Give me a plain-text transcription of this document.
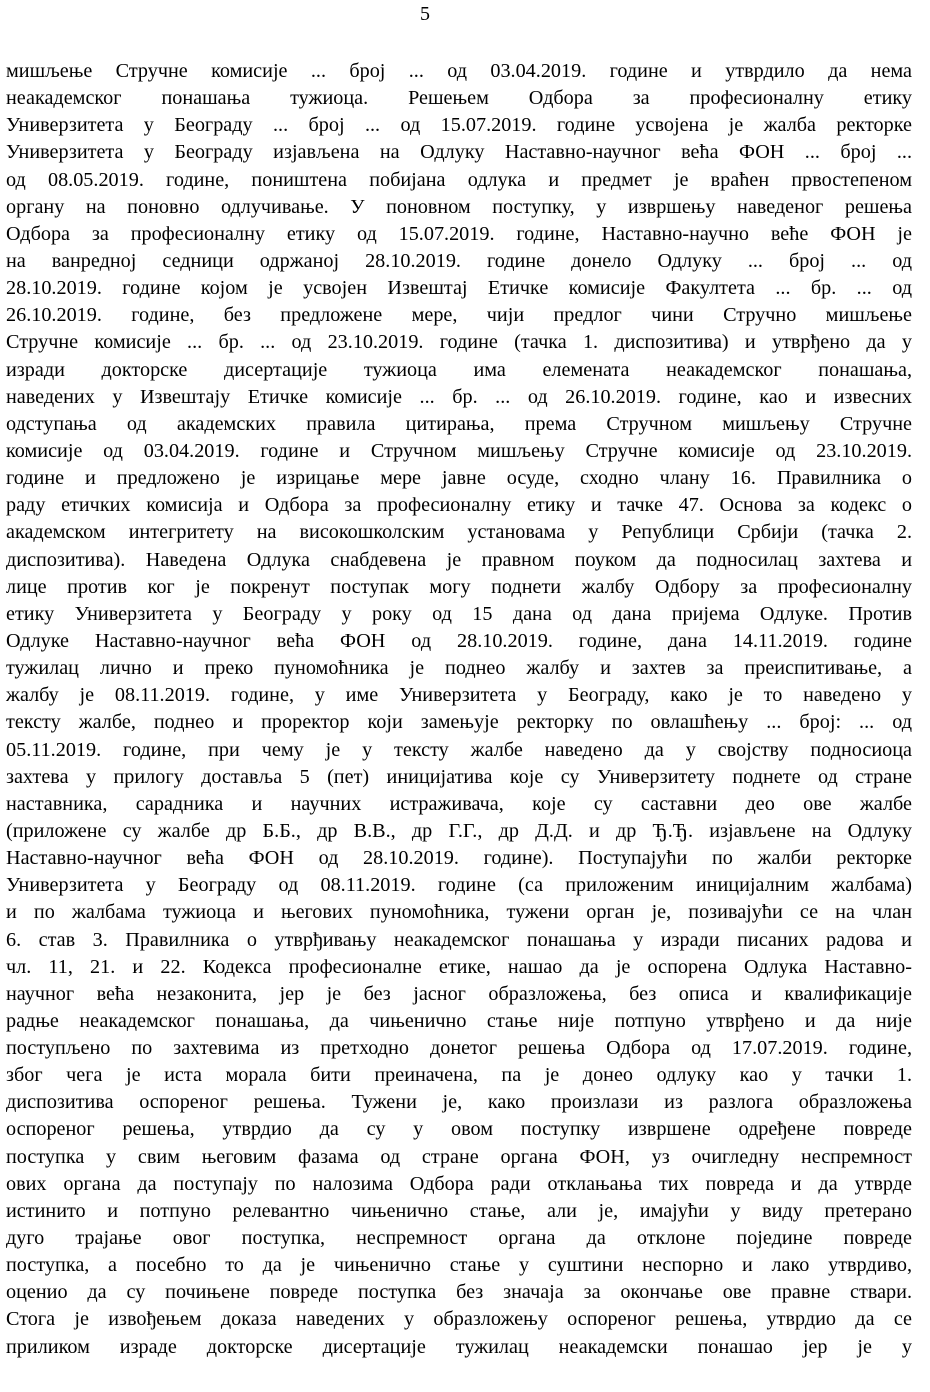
5
мишљење Стручне комисије ... број ... од 03.04.2019. године и утврдило да нема
неакадемског понашања тужиоца. Решењем Одбора за професионалну етику
Универзитета у Београду ... број ... од 15.07.2019. године усвојена је жалба ректорке
Универзитета у Београду изјављена на Одлуку Наставно-научног већа ФОН ... број ...
од 08.05.2019. године, поништена побијана одлука и предмет је враћен првостепеном
органу на поновно одлучивање. У поновном поступку, у извршењу наведеног решења
Одбора за професионалну етику од 15.07.2019. године, Наставно-научно веће ФОН је
на ванредној седници одржаној 28.10.2019. године донело Одлуку ... број ... од
28.10.2019. године којом је усвојен Извештај Етичке комисије Факултета ... бр. ... од
26.10.2019. године, без предложене мере, чији предлог чини Стручно мишљење
Стручне комисије ... бр. ... од 23.10.2019. године (тачка 1. диспозитива) и утврђено да у
изради докторске дисертације тужиоца има елемената неакадемског понашања,
наведених у Извештају Етичке комисије ... бр. ... од 26.10.2019. године, као и извесних
одступања од академских правила цитирања, према Стручном мишљењу Стручне
комисије од 03.04.2019. године и Стручном мишљењу Стручне комисије од 23.10.2019.
године и предложено је изрицање мере јавне осуде, сходно члану 16. Правилника о
раду етичких комисија и Одбора за професионалну етику и тачке 47. Основа за кодекс о
академском интегритету на високошколским установама у Републици Србији (тачка 2.
диспозитива). Наведена Одлука снабдевена је правном поуком да подносилац захтева и
лице против ког је покренут поступак могу поднети жалбу Одбору за професионалну
етику Универзитета у Београду у року од 15 дана од дана пријема Одлуке. Против
Одлуке Наставно-научног већа ФОН од 28.10.2019. године, дана 14.11.2019. године
тужилац лично и преко пуномоћника је поднео жалбу и захтев за преиспитивање, а
жалбу је 08.11.2019. године, у име Универзитета у Београду, како је то наведено у
тексту жалбе, поднео и проректор који замењује ректорку по овлашћењу ... број: ... од
05.11.2019. године, при чему је у тексту жалбе наведено да у својству подносиоца
захтева у прилогу доставља 5 (пет) иницијатива које су Универзитету поднете од стране
наставника, сарадника и научних истраживача, које су саставни део ове жалбе
(приложене су жалбе др Б.Б., др В.В., др Г.Г., др Д.Д. и др Ђ.Ђ. изјављене на Одлуку
Наставно-научног већа ФОН од 28.10.2019. године). Поступајући по жалби ректорке
Универзитета у Београду од 08.11.2019. године (са приложеним иницијалним жалбама)
и по жалбама тужиоца и његових пуномоћника, тужени орган је, позивајући се на члан
6. став 3. Правилника о утврђивању неакадемског понашања у изради писаних радова и
чл. 11, 21. и 22. Кодекса професионалне етике, нашао да је оспорена Одлука Наставно-
научног већа незаконита, јер је без јасног образложења, без описа и квалификације
радње неакадемског понашања, да чињенично стање није потпуно утврђено и да није
поступљено по захтевима из претходно донетог решења Одбора од 17.07.2019. године,
због чега је иста морала бити преиначена, па је донео одлуку као у тачки 1.
диспозитива оспореног решења. Тужени је, како произлази из разлога образложења
оспореног решења, утврдио да су у овом поступку извршене одређене повреде
поступка у свим његовим фазама од стране органа ФОН, уз очигледну неспремност
ових органа да поступају по налозима Одбора ради отклањања тих повреда и да утврде
истинито и потпуно релевантно чињенично стање, али је, имајући у виду претерано
дуго трајање овог поступка, неспремност органа да отклоне поједине повреде
поступка, а посебно то да је чињенично стање у суштини неспорно и лако утврдиво,
оценио да су почињене повреде поступка без значаја за окончање ове правне ствари.
Стога је извођењем доказа наведених у образложењу оспореног решења, утврдио да се
приликом израде докторске дисертације тужилац неакадемски понашао јер је у
